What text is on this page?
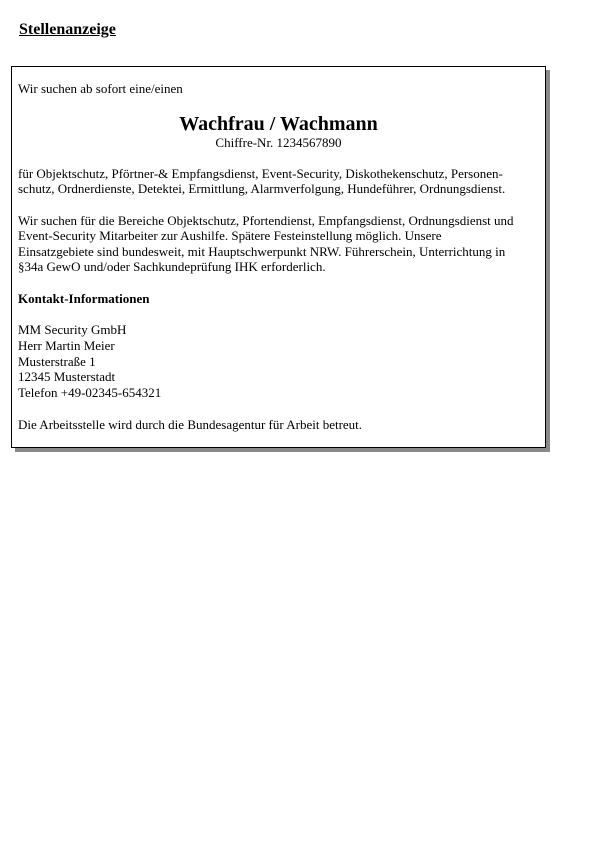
Stellenanzeige

Wir suchen ab sofort eine/einen

Wachfrau / Wachmann

Chiffre-Nr. 1234567890

für Objektschutz, Pförtner-& Empfangsdienst, Event-Security, Diskothekenschutz, Personen-
schutz, Ordnerdienste, Detektei, Ermittlung, Alarmverfolgung, Hundeführer, Ordnungsdienst.
Wir suchen für die Bereiche Objektschutz, Pfortendienst, Empfangsdienst, Ordnungsdienst und
Event-Security Mitarbeiter zur Aushilfe. Spätere Festeinstellung möglich. Unsere
Einsatzgebiete sind bundesweit, mit Hauptschwerpunkt NRW. Führerschein, Unterrichtung in
§34a GewO und/oder Sachkundeprüfung IHK erforderlich.

Kontakt-Informationen

MM Security GmbH
Herr Martin Meier
Musterstraße 1
12345 Musterstadt
Telefon +49-02345-654321

Die Arbeitsstelle wird durch die Bundesagentur für Arbeit betreut.
